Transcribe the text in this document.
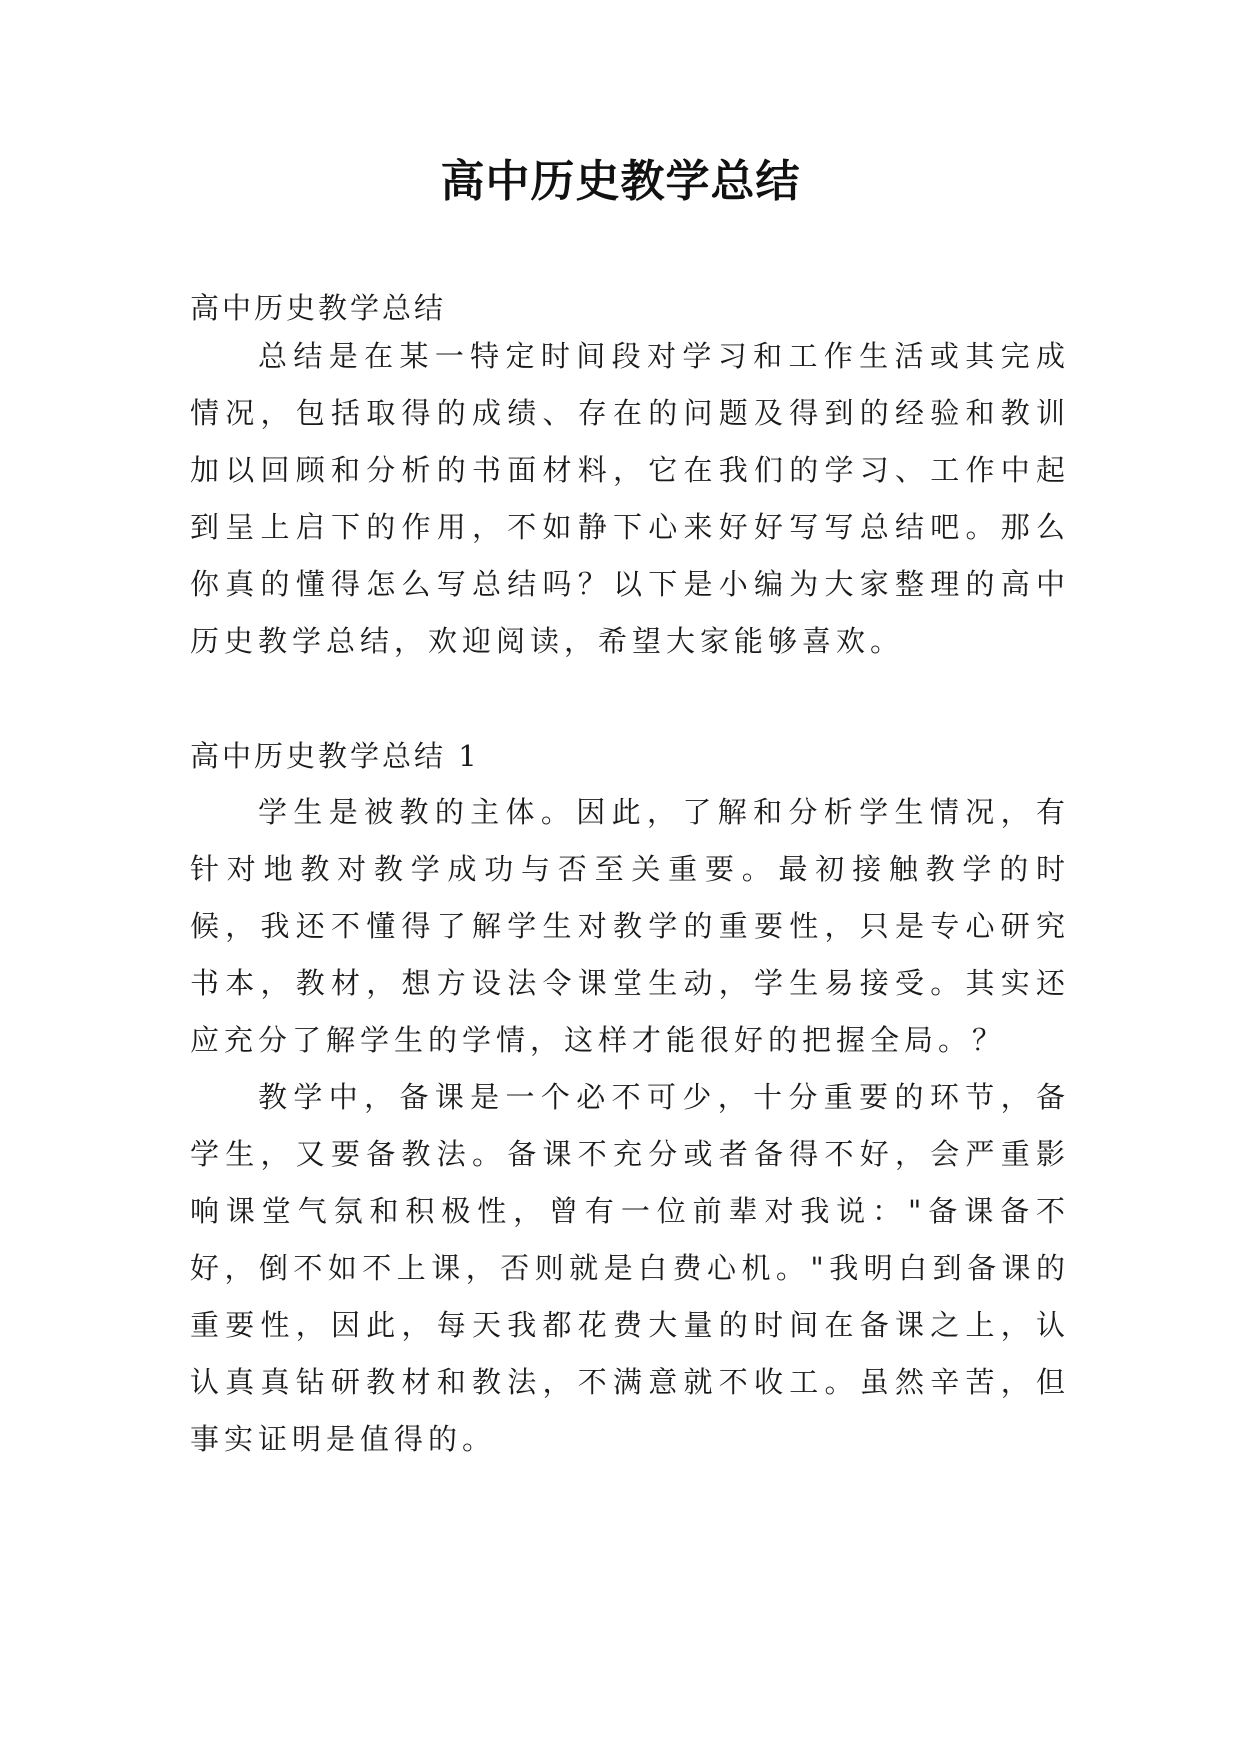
高中历史教学总结

高中历史教学总结

总结是在某一特定时间段对学习和工作生活或其完成情况，包括取得的成绩、存在的问题及得到的经验和教训加以回顾和分析的书面材料，它在我们的学习、工作中起到呈上启下的作用，不如静下心来好好写写总结吧。那么你真的懂得怎么写总结吗？以下是小编为大家整理的高中历史教学总结，欢迎阅读，希望大家能够喜欢。

高中历史教学总结 1

学生是被教的主体。因此，了解和分析学生情况，有针对地教对教学成功与否至关重要。最初接触教学的时候，我还不懂得了解学生对教学的重要性，只是专心研究书本，教材，想方设法令课堂生动，学生易接受。其实还应充分了解学生的学情，这样才能很好的把握全局。？

教学中，备课是一个必不可少，十分重要的环节，备学生，又要备教法。备课不充分或者备得不好，会严重影响课堂气氛和积极性，曾有一位前辈对我说："备课备不好，倒不如不上课，否则就是白费心机。"我明白到备课的重要性，因此，每天我都花费大量的时间在备课之上，认认真真钻研教材和教法，不满意就不收工。虽然辛苦，但事实证明是值得的。
